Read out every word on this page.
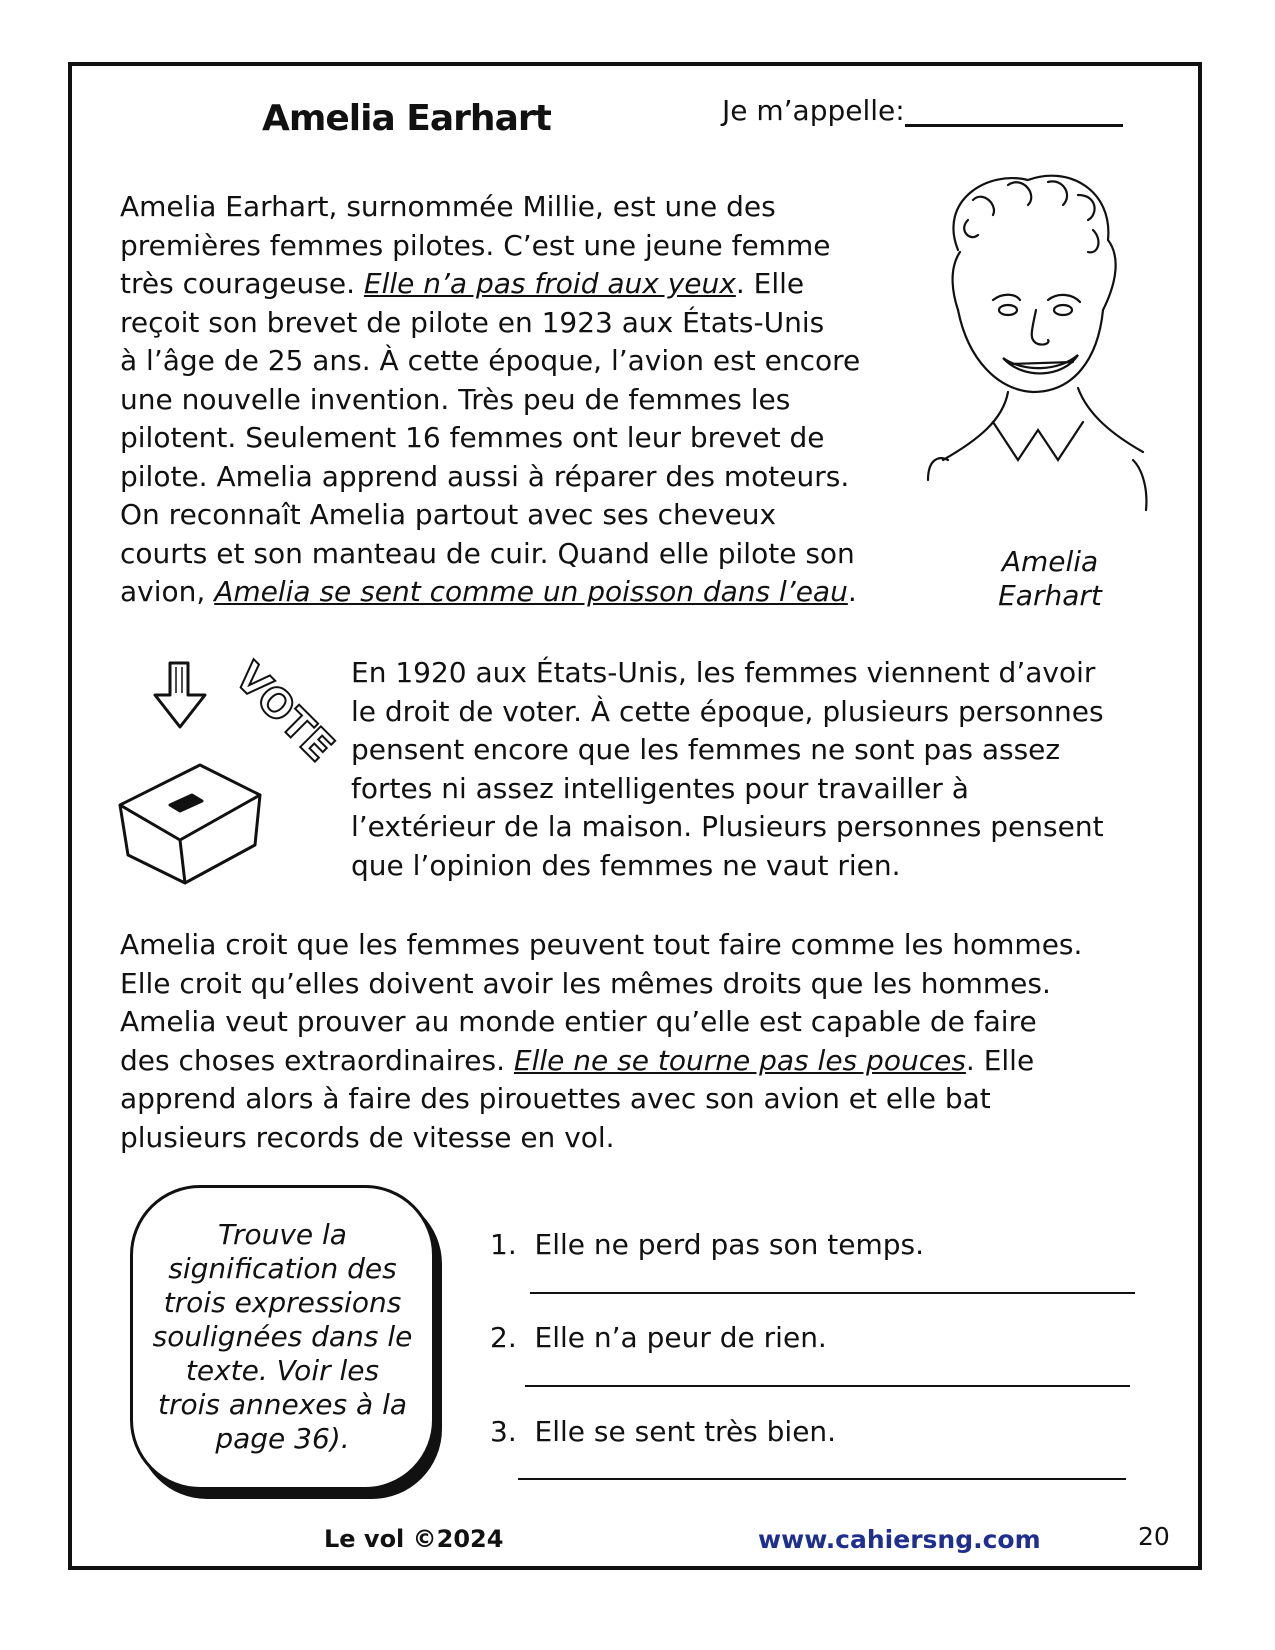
Amelia Earhart	Je m’appelle:
Amelia Earhart, surnommée Millie, est une des
premières femmes pilotes. C’est une jeune femme
très courageuse. Elle n’a pas froid aux yeux. Elle
reçoit son brevet de pilote en 1923 aux États-Unis
à l’âge de 25 ans. À cette époque, l’avion est encore
une nouvelle invention. Très peu de femmes les
pilotent. Seulement 16 femmes ont leur brevet de
pilote. Amelia apprend aussi à réparer des moteurs.
On reconnaît Amelia partout avec ses cheveux
courts et son manteau de cuir. Quand elle pilote son
avion, Amelia se sent comme un poisson dans l’eau.
Amelia
Earhart
VOTE En 1920 aux États-Unis, les femmes viennent d’avoir
le droit de voter. À cette époque, plusieurs personnes
pensent encore que les femmes ne sont pas assez
fortes ni assez intelligentes pour travailler à
l’extérieur de la maison. Plusieurs personnes pensent
que l’opinion des femmes ne vaut rien.
Amelia croit que les femmes peuvent tout faire comme les hommes.
Elle croit qu’elles doivent avoir les mêmes droits que les hommes.
Amelia veut prouver au monde entier qu’elle est capable de faire
des choses extraordinaires. Elle ne se tourne pas les pouces. Elle
apprend alors à faire des pirouettes avec son avion et elle bat
plusieurs records de vitesse en vol.
Trouve la
signification des
trois expressions
soulignées dans le
texte. Voir les
trois annexes à la
page 36).
1. Elle ne perd pas son temps.
2. Elle n’a peur de rien.
3. Elle se sent très bien.
Le vol ©2024	www.cahiersng.com	20
